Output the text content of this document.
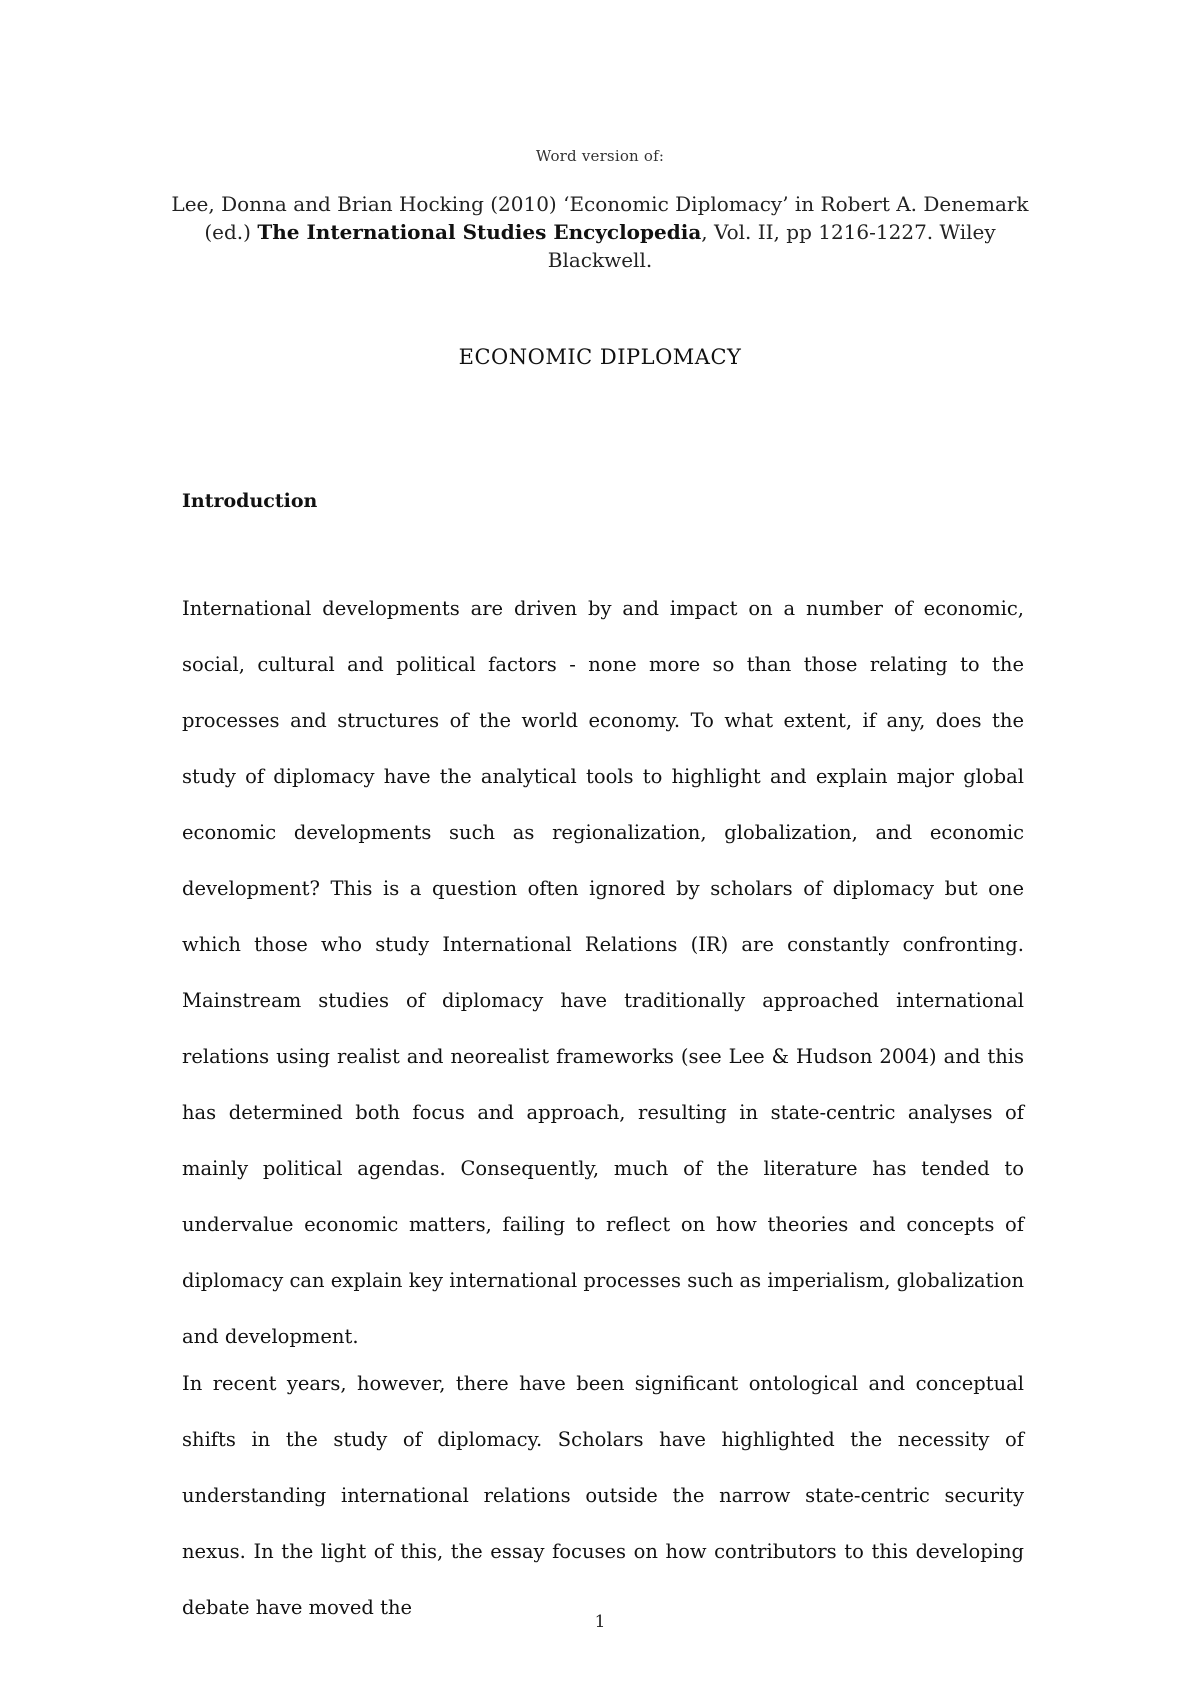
Word version of:
Lee, Donna and Brian Hocking (2010) ‘Economic Diplomacy’ in Robert A. Denemark (ed.) The International Studies Encyclopedia, Vol. II, pp 1216-1227. Wiley Blackwell.
ECONOMIC DIPLOMACY
Introduction

International developments are driven by and impact on a number of economic, social, cultural and political factors - none more so than those relating to the processes and structures of the world economy. To what extent, if any, does the study of diplomacy have the analytical tools to highlight and explain major global economic developments such as regionalization, globalization, and economic development? This is a question often ignored by scholars of diplomacy but one which those who study International Relations (IR) are constantly confronting. Mainstream studies of diplomacy have traditionally approached international relations using realist and neorealist frameworks (see Lee & Hudson 2004) and this has determined both focus and approach, resulting in state-centric analyses of mainly political agendas. Consequently, much of the literature has tended to undervalue economic matters, failing to reflect on how theories and concepts of diplomacy can explain key international processes such as imperialism, globalization and development.

In recent years, however, there have been significant ontological and conceptual shifts in the study of diplomacy. Scholars have highlighted the necessity of understanding international relations outside the narrow state-centric security nexus. In the light of this, the essay focuses on how contributors to this developing debate have moved the

1
